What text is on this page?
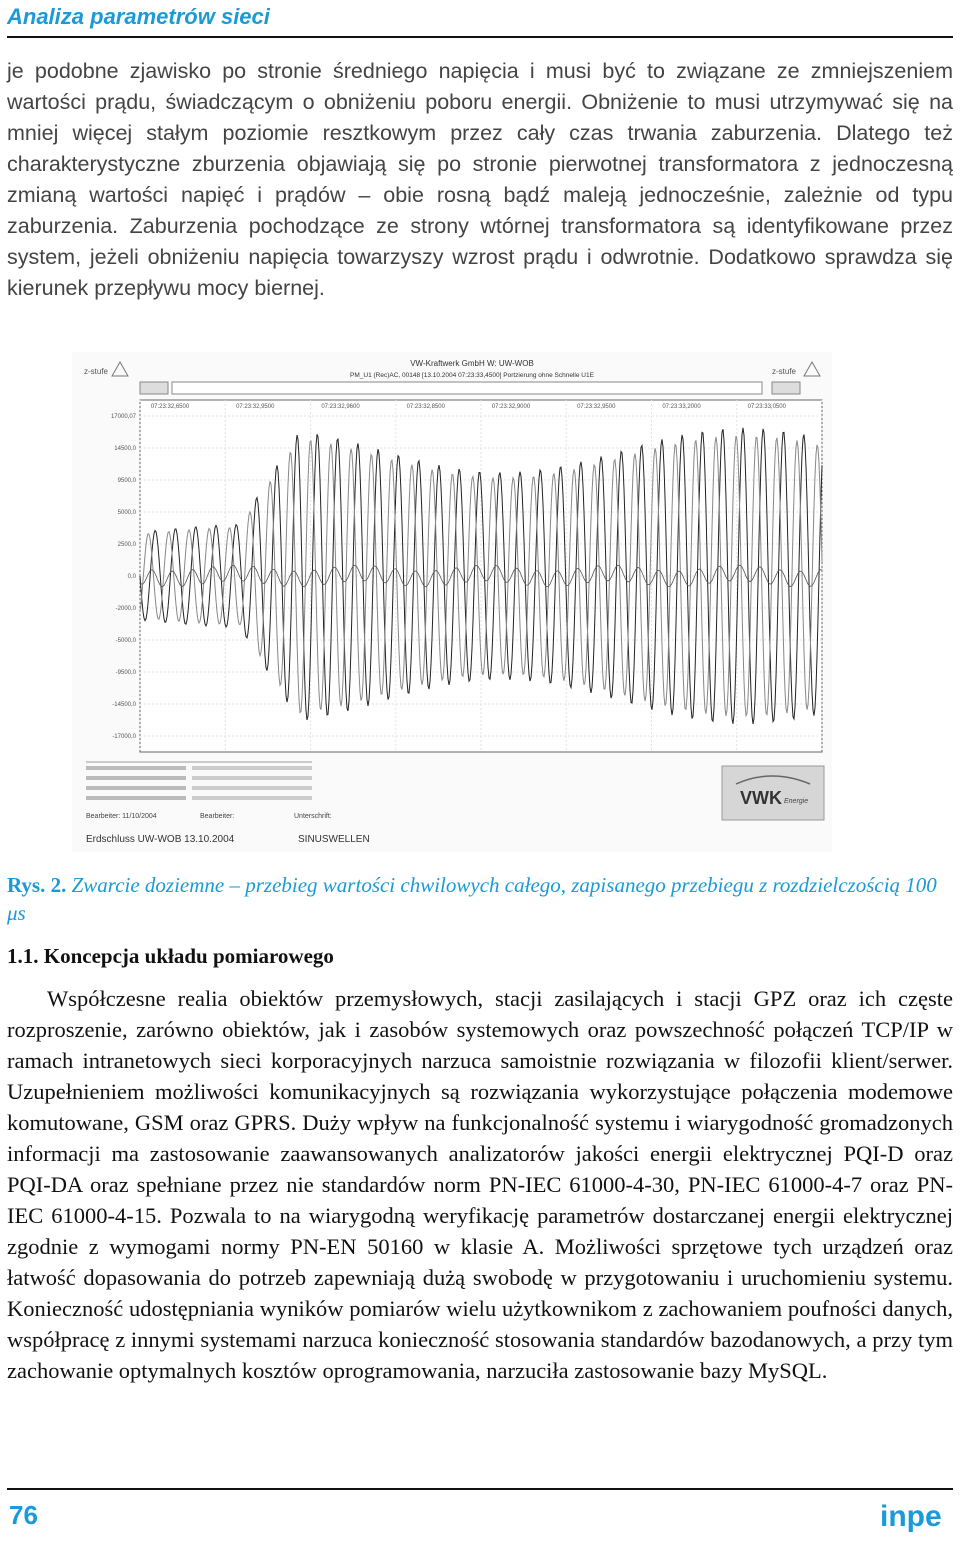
Analiza parametrów sieci

je podobne zjawisko po stronie średniego napięcia i musi być to związane ze zmniejszeniem wartości prądu, świadczącym o obniżeniu poboru energii. Obniżenie to musi utrzymywać się na mniej więcej stałym poziomie resztkowym przez cały czas trwania zaburzenia. Dlatego też charakterystyczne zburzenia objawiają się po stronie pierwotnej transformatora z jednoczesną zmianą wartości napięć i prądów – obie rosną bądź maleją jednocześnie, zależnie od typu zaburzenia. Zaburzenia pochodzące ze strony wtórnej transformatora są identyfikowane przez system, jeżeli obniżeniu napięcia towarzyszy wzrost prądu i odwrotnie. Dodatkowo sprawdza się kierunek przepływu mocy biernej.

z-stufe
VW-Kraftwerk GmbH W: UW-WOB
PM_U1 (Rec)AC, 00148 [13.10.2004 07:23:33,4500] Portzierung ohne Schnelle U1E	z-stufe
17000,07
14500,0
9500,0
5000,0
2500,0
0,0
-2000,0
-5000,0
-9500,0
-14500,0
-17000,0
07:23:32,6500	07:23:32,9500	07:23:32,9600	07:23:32,8500	07:23:32,9000	07:23:32,9500	07:23:33,2000	07:23:33,0500
Bearbeiter: 11/10/2004	Bearbeiter:	Unterschrift:
Erdschluss UW-WOB 13.10.2004	SINUSWELLEN
VWK Energie

Rys. 2. Zwarcie doziemne – przebieg wartości chwilowych całego, zapisanego przebiegu z rozdzielczością 100 μs

1.1. Koncepcja układu pomiarowego

Współczesne realia obiektów przemysłowych, stacji zasilających i stacji GPZ oraz ich częste rozproszenie, zarówno obiektów, jak i zasobów systemowych oraz powszechność połączeń TCP/IP w ramach intranetowych sieci korporacyjnych narzuca samoistnie rozwiązania w filozofii klient/serwer. Uzupełnieniem możliwości komunikacyjnych są rozwiązania wykorzystujące połączenia modemowe komutowane, GSM oraz GPRS. Duży wpływ na funkcjonalność systemu i wiarygodność gromadzonych informacji ma zastosowanie zaawansowanych analizatorów jakości energii elektrycznej PQI-D oraz PQI-DA oraz spełniane przez nie standardów norm PN-IEC 61000-4-30, PN-IEC 61000-4-7 oraz PN-IEC 61000-4-15. Pozwala to na wiarygodną weryfikację parametrów dostarczanej energii elektrycznej zgodnie z wymogami normy PN-EN 50160 w klasie A. Możliwości sprzętowe tych urządzeń oraz łatwość dopasowania do potrzeb zapewniają dużą swobodę w przygotowaniu i uruchomieniu systemu. Konieczność udostępniania wyników pomiarów wielu użytkownikom z zachowaniem poufności danych, współpracę z innymi systemami narzuca konieczność stosowania standardów bazodanowych, a przy tym zachowanie optymalnych kosztów oprogramowania, narzuciła zastosowanie bazy MySQL.

76	inpe
